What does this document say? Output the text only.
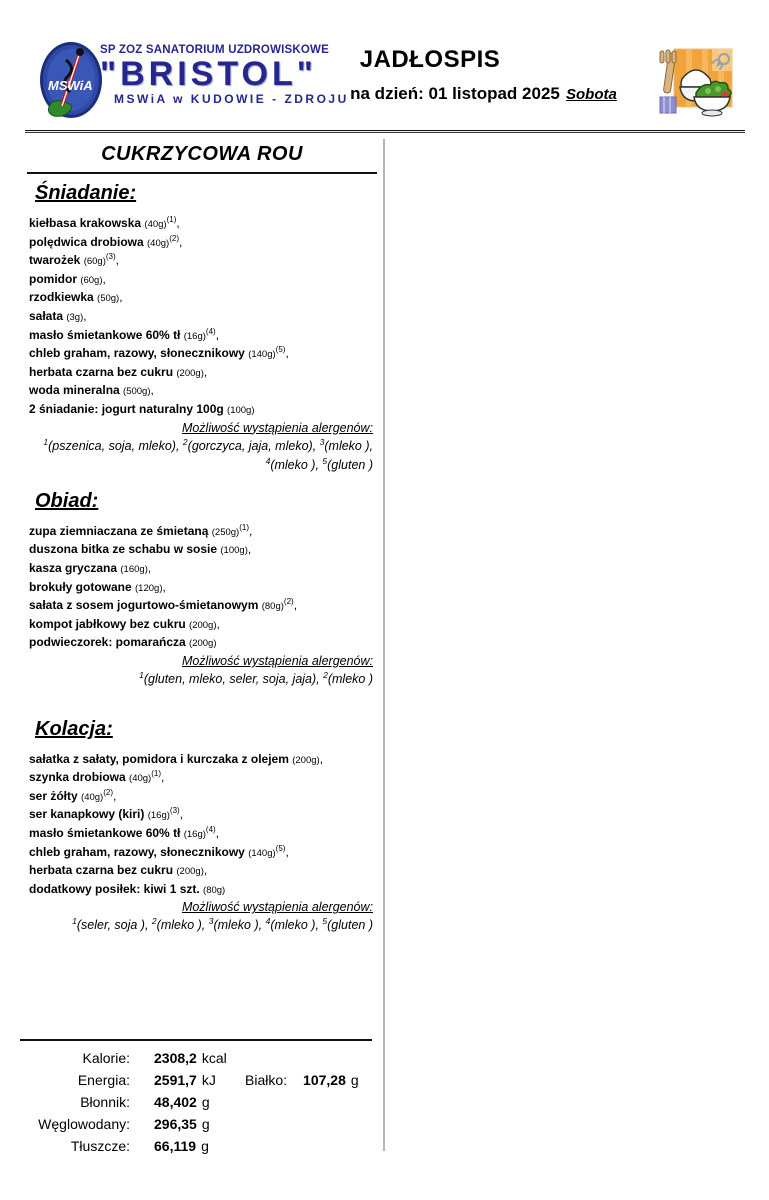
MSWiA
SP ZOZ SANATORIUM UZDROWISKOWE
"BRISTOL"
MSWiA w KUDOWIE - ZDROJU
JADŁOSPIS
na dzień: 01 listopad 2025 Sobota
CUKRZYCOWA ROU
Śniadanie:
kiełbasa krakowska $(40g)^{(1)}$,
polędwica drobiowa $(40g)^{(2)}$,
twarożek $(60g)^{(3)}$,
pomidor (60g),
rzodkiewka (50g),
sałata (3g),
masło śmietankowe 60% tł $(16g)^{(4)}$,
chleb graham, razowy, słonecznikowy $(140g)^{(5)}$,
herbata czarna bez cukru (200g),
woda mineralna (500g),
2 śniadanie: jogurt naturalny 100g (100g)
Możliwość wystąpienia alergenów:
$^1$(pszenica, soja, mleko), $^2$(gorczyca, jaja, mleko), $^3$(mleko ), $^4$(mleko ), $^5$(gluten )
Obiad:
zupa ziemniaczana ze śmietaną $(250g)^{(1)}$,
duszona bitka ze schabu w sosie (100g),
kasza gryczana (160g),
brokuły gotowane (120g),
sałata z sosem jogurtowo-śmietanowym $(80g)^{(2)}$,
kompot jabłkowy bez cukru (200g),
podwieczorek: pomarańcza (200g)
Możliwość wystąpienia alergenów:
$^1$(gluten, mleko, seler, soja, jaja), $^2$(mleko )
Kolacja:
sałatka z sałaty, pomidora i kurczaka z olejem (200g),
szynka drobiowa $(40g)^{(1)}$,
ser żółty $(40g)^{(2)}$,
ser kanapkowy (kiri) $(16g)^{(3)}$,
masło śmietankowe 60% tł $(16g)^{(4)}$,
chleb graham, razowy, słonecznikowy $(140g)^{(5)}$,
herbata czarna bez cukru (200g),
dodatkowy posiłek: kiwi 1 szt. (80g)
Możliwość wystąpienia alergenów:
$^1$(seler, soja ), $^2$(mleko ), $^3$(mleko ), $^4$(mleko ), $^5$(gluten )
Kalorie: 2308,2 kcal
Energia: 2591,7 kJ
Błonnik: 48,402 g
Węglowodany: 296,35 g
Tłuszcze: 66,119 g
Białko: 107,28 g
